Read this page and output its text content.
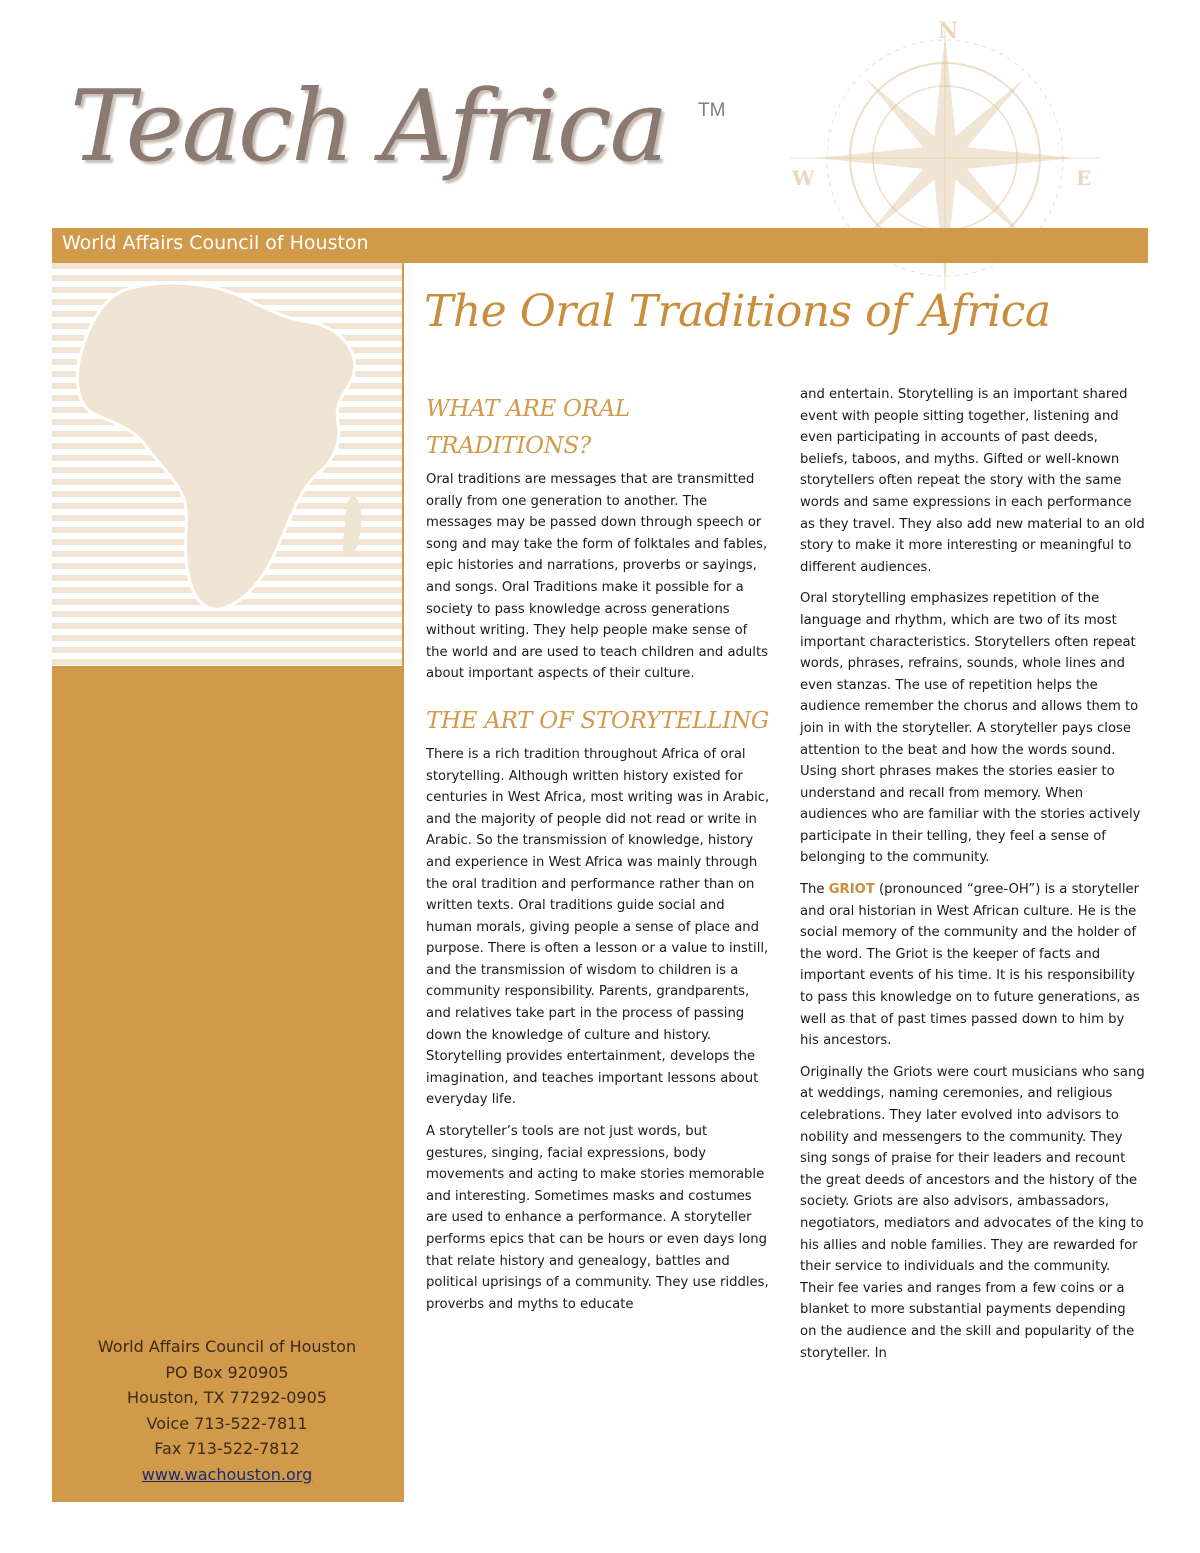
Teach Africa TM
N
W	E
World Affairs Council of Houston
World Affairs Council of Houston
PO Box 920905
Houston, TX 77292-0905
Voice 713-522-7811
Fax 713-522-7812
www.wachouston.org
The Oral Traditions of Africa
WHAT ARE ORAL TRADITIONS?

Oral traditions are messages that are transmitted orally from one generation to another. The messages may be passed down through speech or song and may take the form of folktales and fables, epic histories and narrations, proverbs or sayings, and songs. Oral Traditions make it possible for a society to pass knowledge across generations without writing. They help people make sense of the world and are used to teach children and adults about important aspects of their culture.

THE ART OF STORYTELLING

There is a rich tradition throughout Africa of oral storytelling. Although written history existed for centuries in West Africa, most writing was in Arabic, and the majority of people did not read or write in Arabic. So the transmission of knowledge, history and experience in West Africa was mainly through the oral tradition and performance rather than on written texts. Oral traditions guide social and human morals, giving people a sense of place and purpose. There is often a lesson or a value to instill, and the transmission of wisdom to children is a community responsibility. Parents, grandparents, and relatives take part in the process of passing down the knowledge of culture and history. Storytelling provides entertainment, develops the imagination, and teaches important lessons about everyday life.

A storyteller’s tools are not just words, but gestures, singing, facial expressions, body movements and acting to make stories memorable and interesting. Sometimes masks and costumes are used to enhance a performance. A storyteller performs epics that can be hours or even days long that relate history and genealogy, battles and political uprisings of a community. They use riddles, proverbs and myths to educate

and entertain. Storytelling is an important shared event with people sitting together, listening and even participating in accounts of past deeds, beliefs, taboos, and myths. Gifted or well-known storytellers often repeat the story with the same words and same expressions in each performance as they travel. They also add new material to an old story to make it more interesting or meaningful to different audiences.

Oral storytelling emphasizes repetition of the language and rhythm, which are two of its most important characteristics. Storytellers often repeat words, phrases, refrains, sounds, whole lines and even stanzas. The use of repetition helps the audience remember the chorus and allows them to join in with the storyteller. A storyteller pays close attention to the beat and how the words sound. Using short phrases makes the stories easier to understand and recall from memory. When audiences who are familiar with the stories actively participate in their telling, they feel a sense of belonging to the community.

The GRIOT (pronounced “gree-OH”) is a storyteller and oral historian in West African culture. He is the social memory of the community and the holder of the word. The Griot is the keeper of facts and important events of his time. It is his responsibility to pass this knowledge on to future generations, as well as that of past times passed down to him by his ancestors.

Originally the Griots were court musicians who sang at weddings, naming ceremonies, and religious celebrations. They later evolved into advisors to nobility and messengers to the community. They sing songs of praise for their leaders and recount the great deeds of ancestors and the history of the society. Griots are also advisors, ambassadors, negotiators, mediators and advocates of the king to his allies and noble families. They are rewarded for their service to individuals and the community. Their fee varies and ranges from a few coins or a blanket to more substantial payments depending on the audience and the skill and popularity of the storyteller. In
